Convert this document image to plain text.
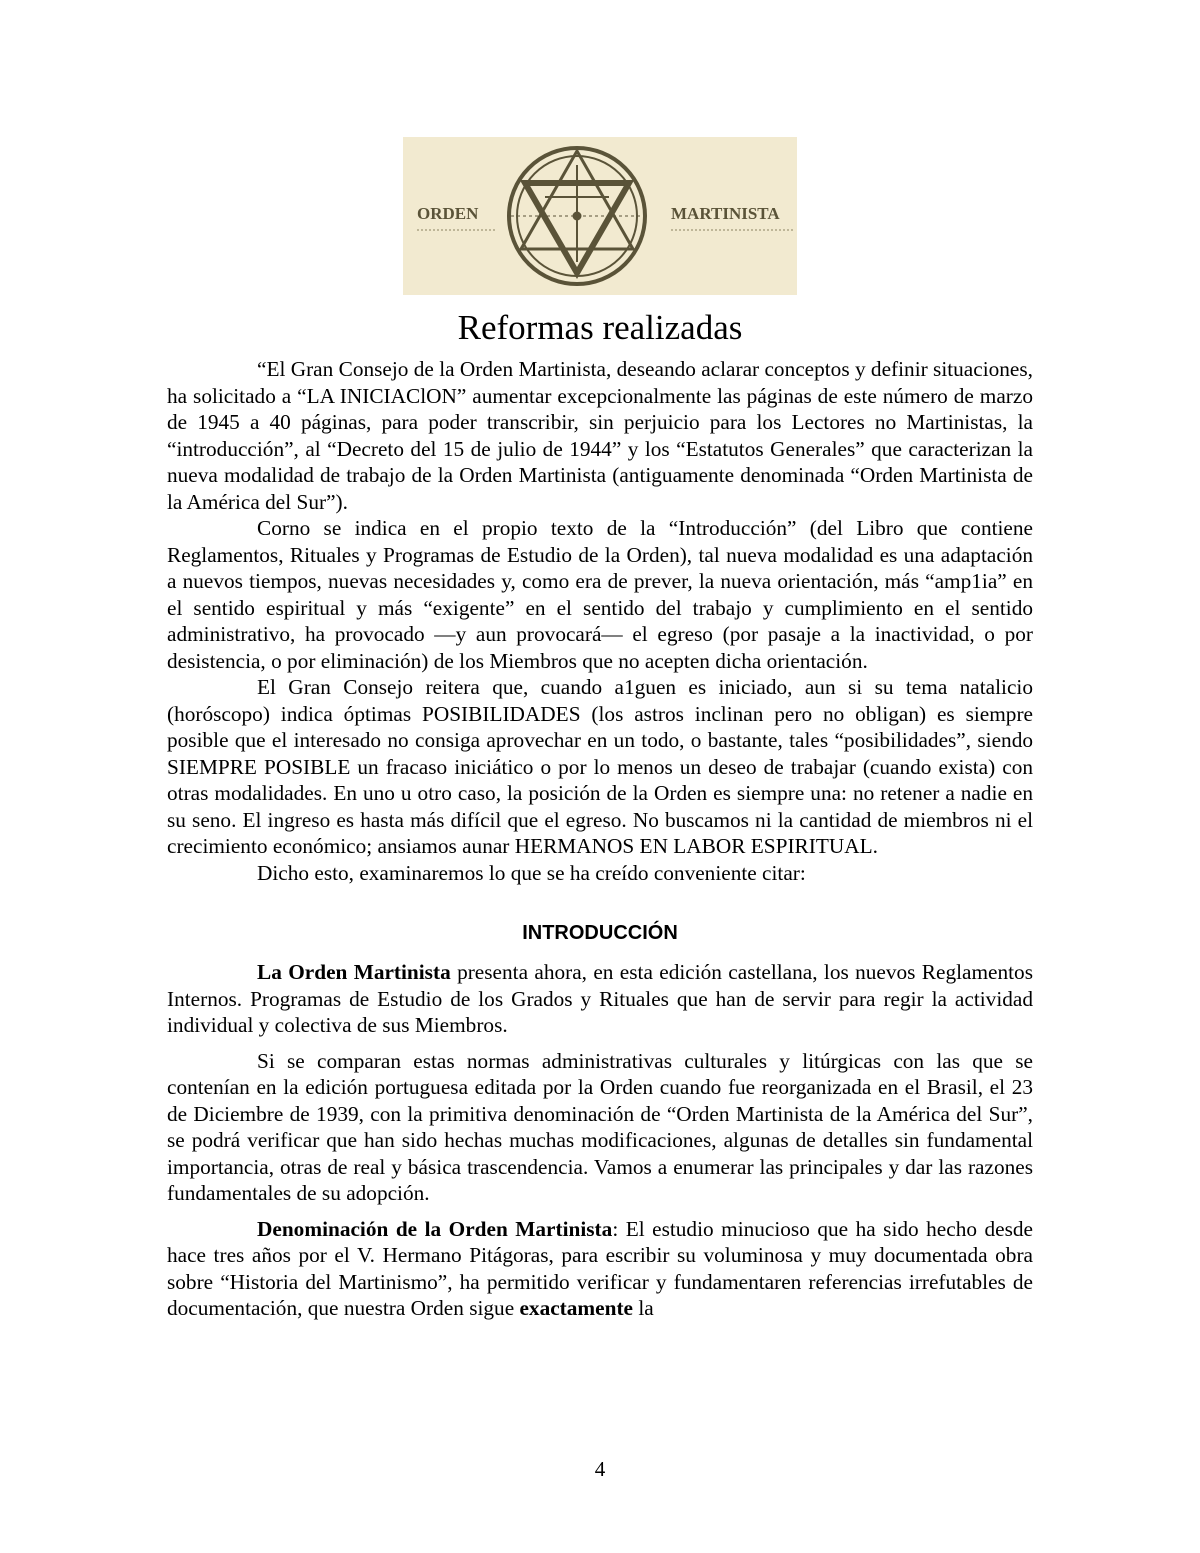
ORDEN	MARTINISTA
Reformas realizadas

“El Gran Consejo de la Orden Martinista, deseando aclarar conceptos y definir situaciones, ha solicitado a “LA INICIAClON” aumentar excepcionalmente las páginas de este número de marzo de 1945 a 40 páginas, para poder transcribir, sin perjuicio para los Lectores no Martinistas, la “introducción”, al “Decreto del 15 de julio de 1944” y los “Estatutos Generales” que caracterizan la nueva modalidad de trabajo de la Orden Martinista (antiguamente denominada “Orden Martinista de la América del Sur”).

Corno se indica en el propio texto de la “Introducción” (del Libro que contiene Reglamentos, Rituales y Programas de Estudio de la Orden), tal nueva modalidad es una adaptación a nuevos tiempos, nuevas necesidades y, como era de prever, la nueva orientación, más “amp1ia” en el sentido espiritual y más “exigente” en el sentido del trabajo y cumplimiento en el sentido administrativo, ha provocado —y aun provocará— el egreso (por pasaje a la inactividad, o por desistencia, o por eliminación) de los Miembros que no acepten dicha orientación.

El Gran Consejo reitera que, cuando a1guen es iniciado, aun si su tema natalicio (horóscopo) indica óptimas POSIBILIDADES (los astros inclinan pero no obligan) es siempre posible que el interesado no consiga aprovechar en un todo, o bastante, tales “posibilidades”, siendo SIEMPRE POSIBLE un fracaso iniciático o por lo menos un deseo de trabajar (cuando exista) con otras modalidades. En uno u otro caso, la posición de la Orden es siempre una: no retener a nadie en su seno. El ingreso es hasta más difícil que el egreso. No buscamos ni la cantidad de miembros ni el crecimiento económico; ansiamos aunar HERMANOS EN LABOR ESPIRITUAL.

Dicho esto, examinaremos lo que se ha creído conveniente citar:

INTRODUCCIÓN

La Orden Martinista presenta ahora, en esta edición castellana, los nuevos Reglamentos Internos. Programas de Estudio de los Grados y Rituales que han de servir para regir la actividad individual y colectiva de sus Miembros.

Si se comparan estas normas administrativas culturales y litúrgicas con las que se contenían en la edición portuguesa editada por la Orden cuando fue reorganizada en el Brasil, el 23 de Diciembre de 1939, con la primitiva denominación de “Orden Martinista de la América del Sur”, se podrá verificar que han sido hechas muchas modificaciones, algunas de detalles sin fundamental importancia, otras de real y básica trascendencia. Vamos a enumerar las principales y dar las razones fundamentales de su adopción.

Denominación de la Orden Martinista: El estudio minucioso que ha sido hecho desde hace tres años por el V. Hermano Pitágoras, para escribir su voluminosa y muy documentada obra sobre “Historia del Martinismo”, ha permitido verificar y fundamentaren referencias irrefutables de documentación, que nuestra Orden sigue exactamente la

4
